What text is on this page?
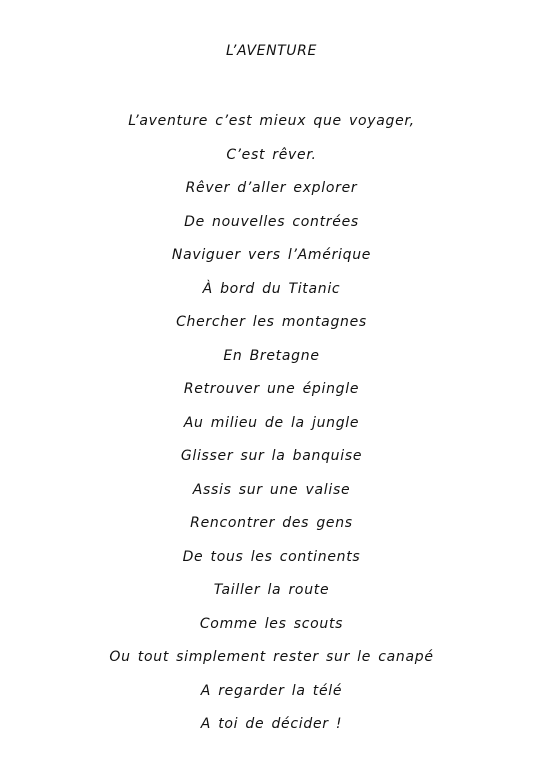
L’AVENTURE
L’aventure c’est mieux que voyager,
C’est rêver.
Rêver d’aller explorer
De nouvelles contrées
Naviguer vers l’Amérique
À bord du Titanic
Chercher les montagnes
En Bretagne
Retrouver une épingle
Au milieu de la jungle
Glisser sur la banquise
Assis sur une valise
Rencontrer des gens
De tous les continents
Tailler la route
Comme les scouts
Ou tout simplement rester sur le canapé
A regarder la télé
A toi de décider !
